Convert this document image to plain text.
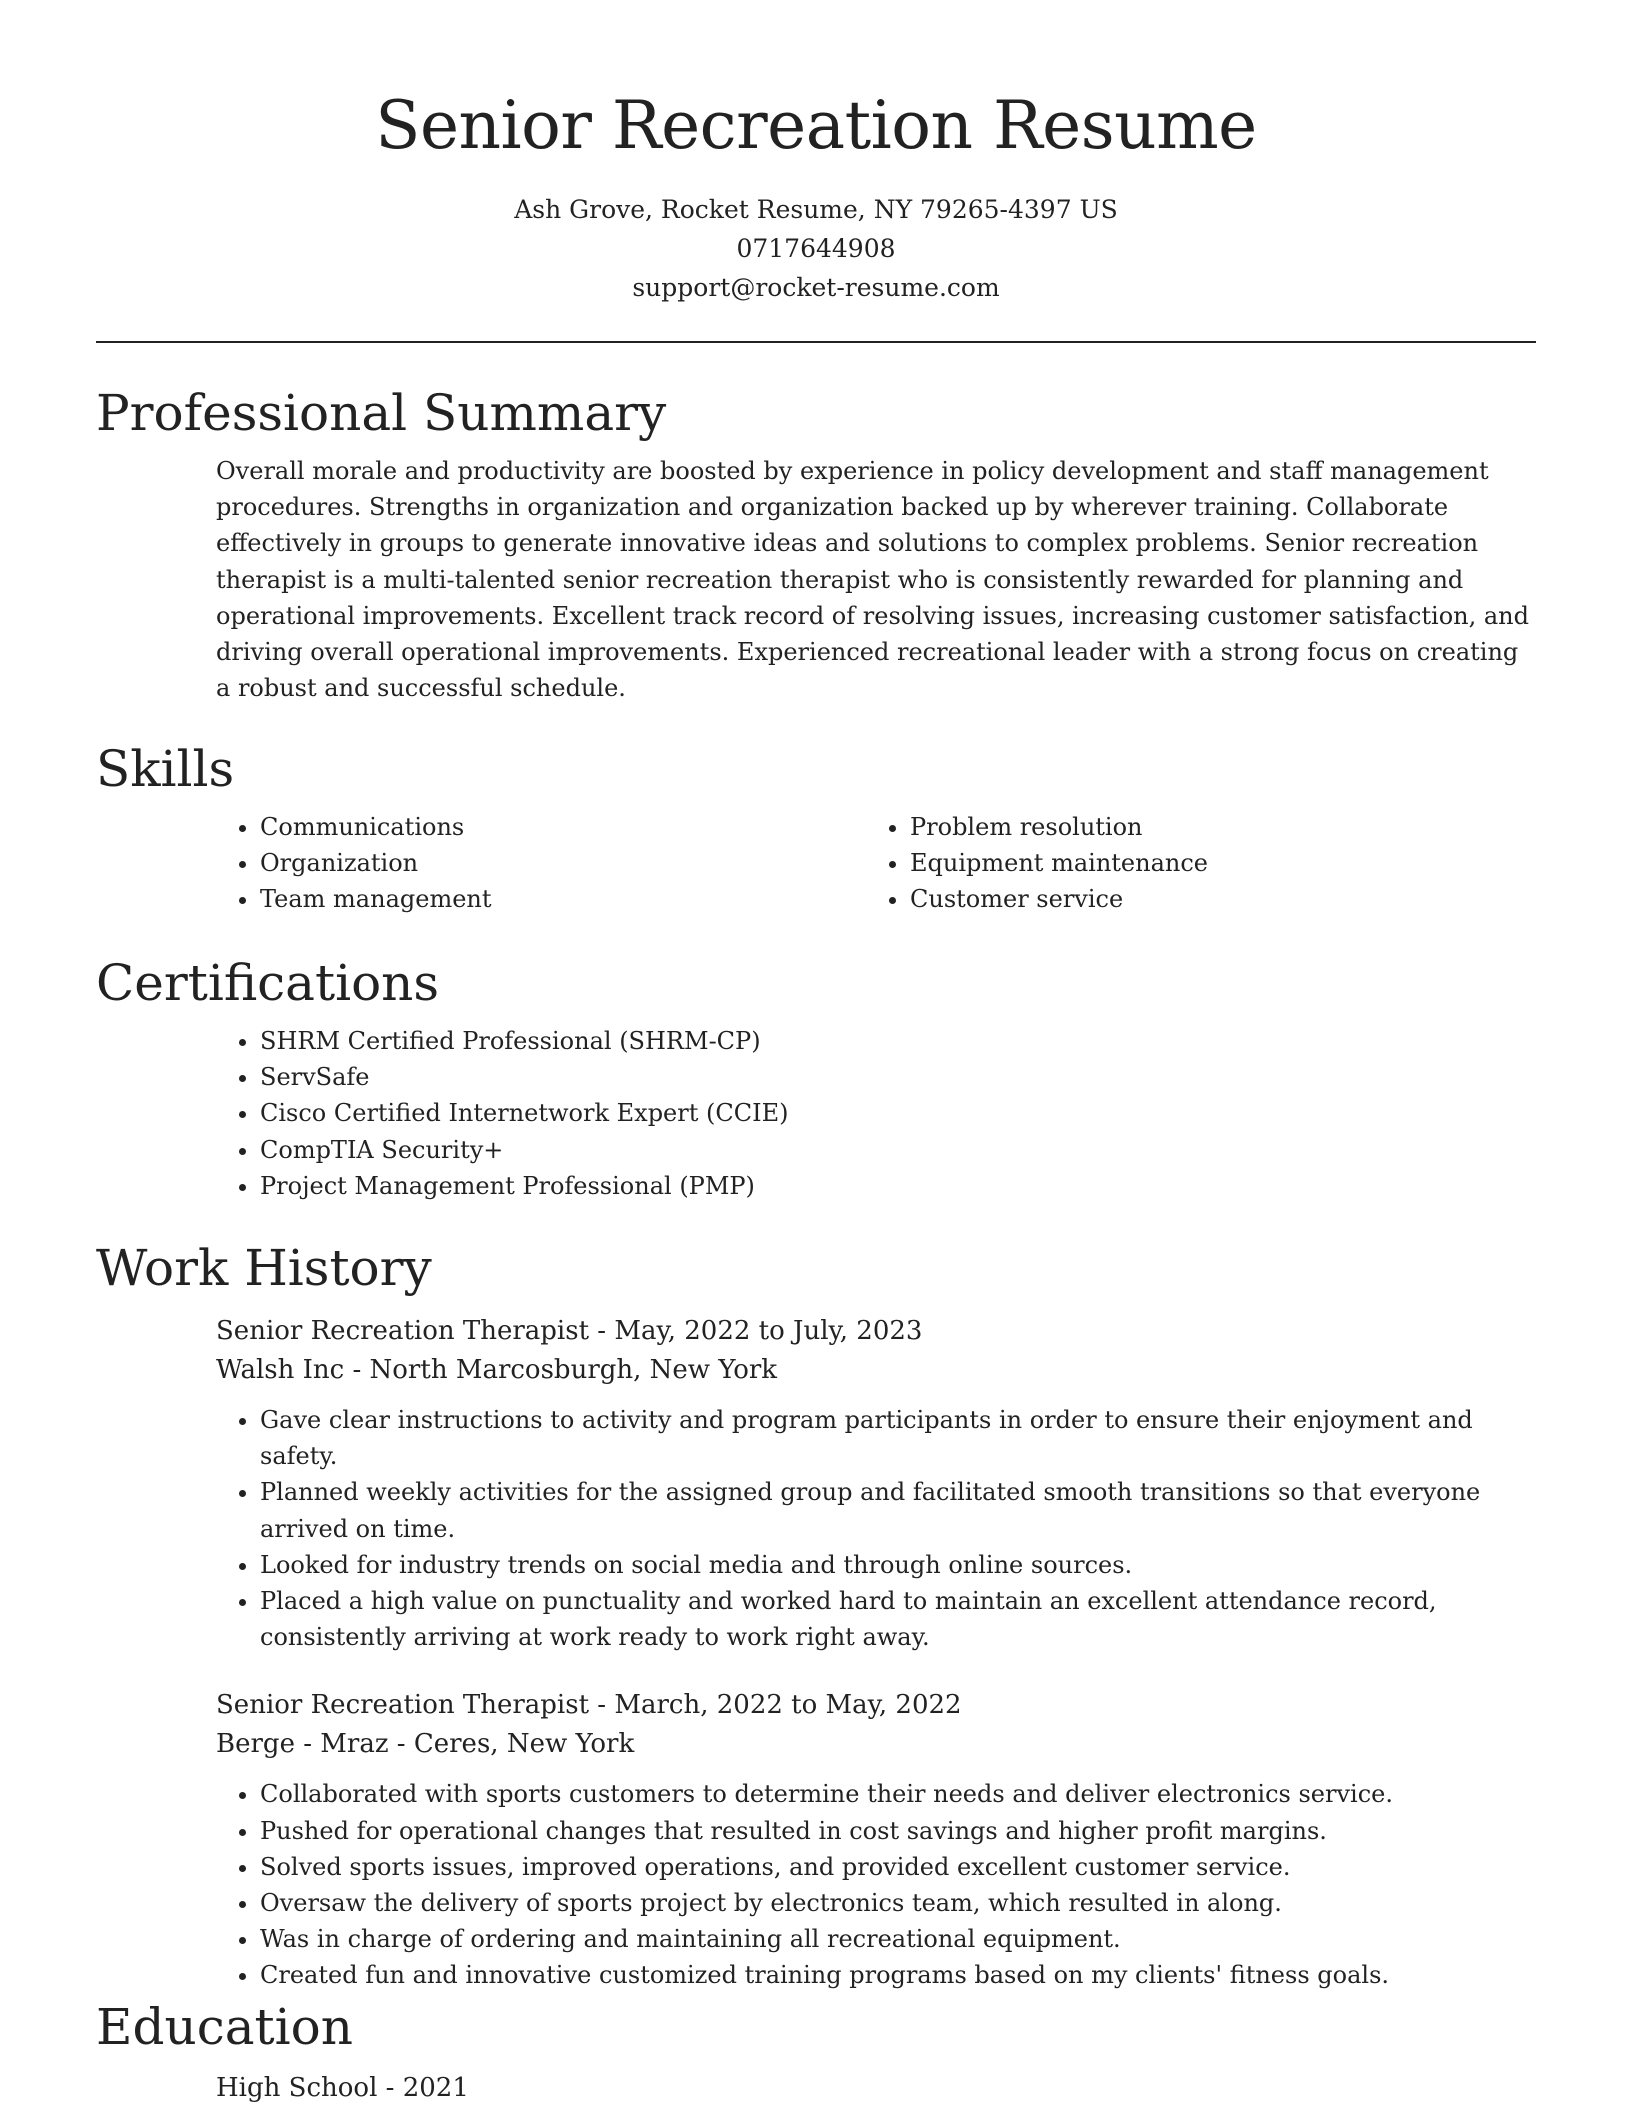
Senior Recreation Resume

Ash Grove, Rocket Resume, NY 79265-4397 US

0717644908

support@rocket-resume.com

Professional Summary

Overall morale and productivity are boosted by experience in policy development and staff management procedures. Strengths in organization and organization backed up by wherever training. Collaborate effectively in groups to generate innovative ideas and solutions to complex problems. Senior recreation therapist is a multi-talented senior recreation therapist who is consistently rewarded for planning and operational improvements. Excellent track record of resolving issues, increasing customer satisfaction, and driving overall operational improvements. Experienced recreational leader with a strong focus on creating a robust and successful schedule.

Skills
• Communications
• Organization
• Team management
• Problem resolution
• Equipment maintenance
• Customer service
Certifications
• SHRM Certified Professional (SHRM-CP)
• ServSafe
• Cisco Certified Internetwork Expert (CCIE)
• CompTIA Security+
• Project Management Professional (PMP)
Work History

Senior Recreation Therapist - May, 2022 to July, 2023

Walsh Inc - North Marcosburgh, New York

• Gave clear instructions to activity and program participants in order to ensure their enjoyment and safety.
• Planned weekly activities for the assigned group and facilitated smooth transitions so that everyone arrived on time.
• Looked for industry trends on social media and through online sources.
• Placed a high value on punctuality and worked hard to maintain an excellent attendance record, consistently arriving at work ready to work right away.

Senior Recreation Therapist - March, 2022 to May, 2022

Berge - Mraz - Ceres, New York

• Collaborated with sports customers to determine their needs and deliver electronics service.
• Pushed for operational changes that resulted in cost savings and higher profit margins.
• Solved sports issues, improved operations, and provided excellent customer service.
• Oversaw the delivery of sports project by electronics team, which resulted in along.
• Was in charge of ordering and maintaining all recreational equipment.
• Created fun and innovative customized training programs based on my clients' fitness goals.
Education

High School - 2021
